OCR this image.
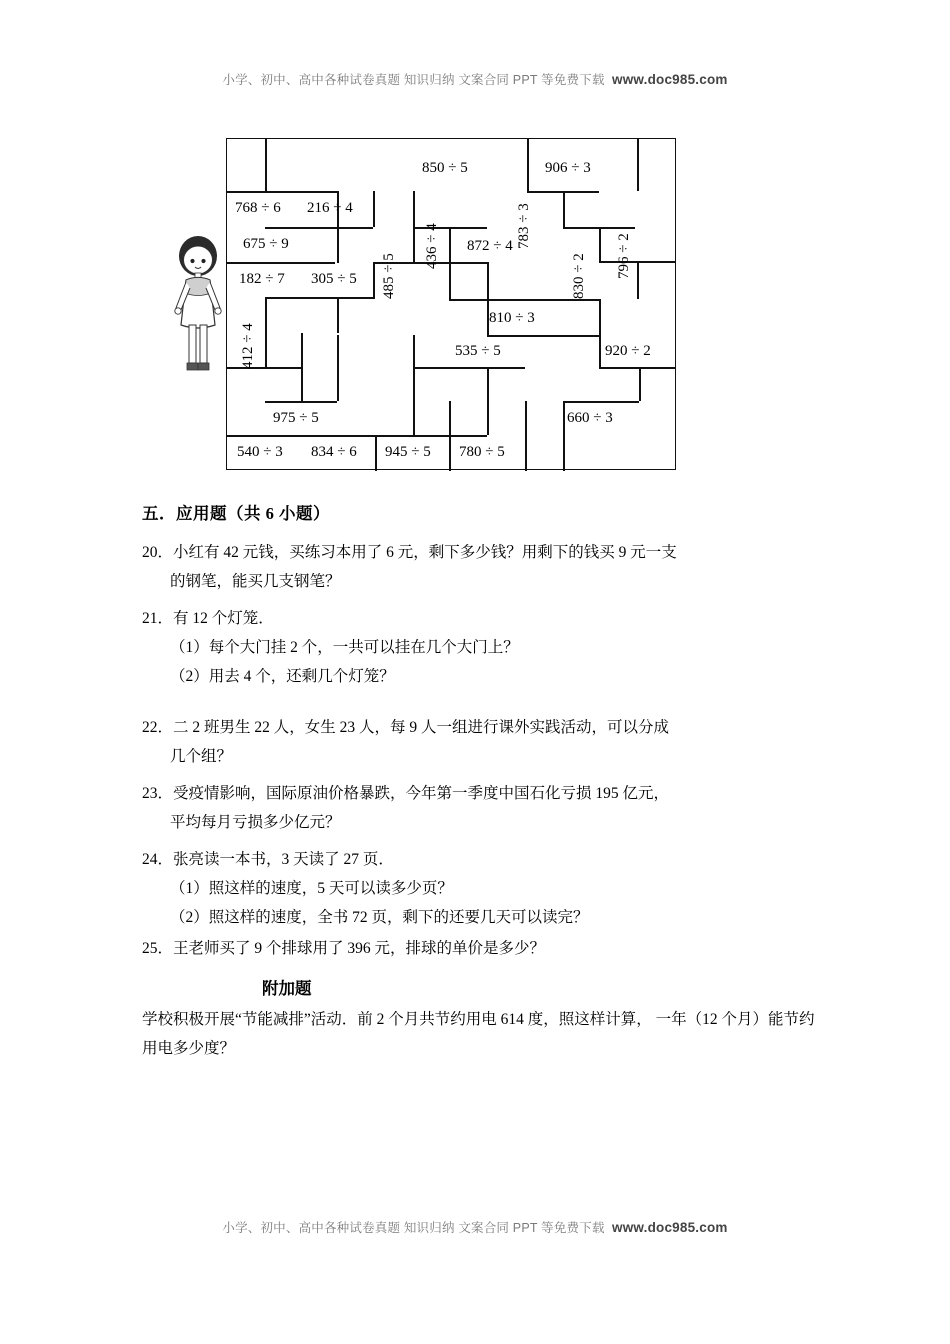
小学、初中、高中各种试卷真题 知识归纳 文案合同 PPT 等免费下载 www.doc985.com
768 ÷ 6 216 ÷ 4
850 ÷ 5	906 ÷ 3
783 ÷ 3
796 ÷ 2
436 ÷ 4
675 ÷ 9	872 ÷ 4
830 ÷ 2
182 ÷ 7 305 ÷ 5 485 ÷ 5
810 ÷ 3
535 ÷ 5	920 ÷ 2
412 ÷ 4
975 ÷ 5	660 ÷ 3
540 ÷ 3 834 ÷ 6 945 ÷ 5 780 ÷ 5
五．应用题（共 6 小题）
20．小红有 42 元钱，买练习本用了 6 元，剩下多少钱？用剩下的钱买 9 元一支
的钢笔，能买几支钢笔？
21．有 12 个灯笼．
（1）每个大门挂 2 个，一共可以挂在几个大门上？
（2）用去 4 个，还剩几个灯笼？
22．二 2 班男生 22 人，女生 23 人，每 9 人一组进行课外实践活动，可以分成
几个组？
23．受疫情影响，国际原油价格暴跌，今年第一季度中国石化亏损 195 亿元，
平均每月亏损多少亿元？
24．张亮读一本书，3 天读了 27 页．
（1）照这样的速度，5 天可以读多少页？
（2）照这样的速度，全书 72 页，剩下的还要几天可以读完？
25．王老师买了 9 个排球用了 396 元，排球的单价是多少？
附加题
学校积极开展“节能减排”活动．前 2 个月共节约用电 614 度，照这样计算， 一年（12 个月）能节约用电多少度？
小学、初中、高中各种试卷真题 知识归纳 文案合同 PPT 等免费下载 www.doc985.com
